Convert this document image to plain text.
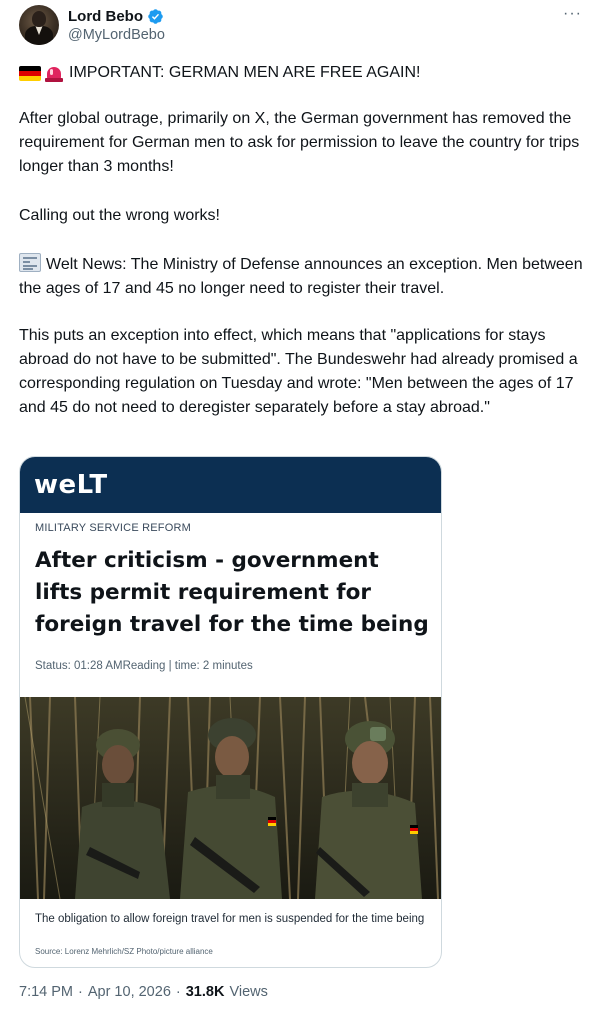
Lord Bebo
@MyLordBebo
···
IMPORTANT: GERMAN MEN ARE FREE AGAIN!
After global outrage, primarily on X, the German government has removed the requirement for German men to ask for permission to leave the country for trips longer than 3 months!
Calling out the wrong works!
Welt News: The Ministry of Defense announces an exception. Men between the ages of 17 and 45 no longer need to register their travel.
This puts an exception into effect, which means that "applications for stays abroad do not have to be submitted". The Bundeswehr had already promised a corresponding regulation on Tuesday and wrote: "Men between the ages of 17 and 45 do not need to deregister separately before a stay abroad."
weLT
MILITARY SERVICE REFORM
After criticism - government lifts permit requirement for foreign travel for the time being
Status: 01:28 AMReading | time: 2 minutes
The obligation to allow foreign travel for men is suspended for the time being
Source: Lorenz Mehrlich/SZ Photo/picture alliance
7:14 PM · Apr 10, 2026 · 31.8K Views
